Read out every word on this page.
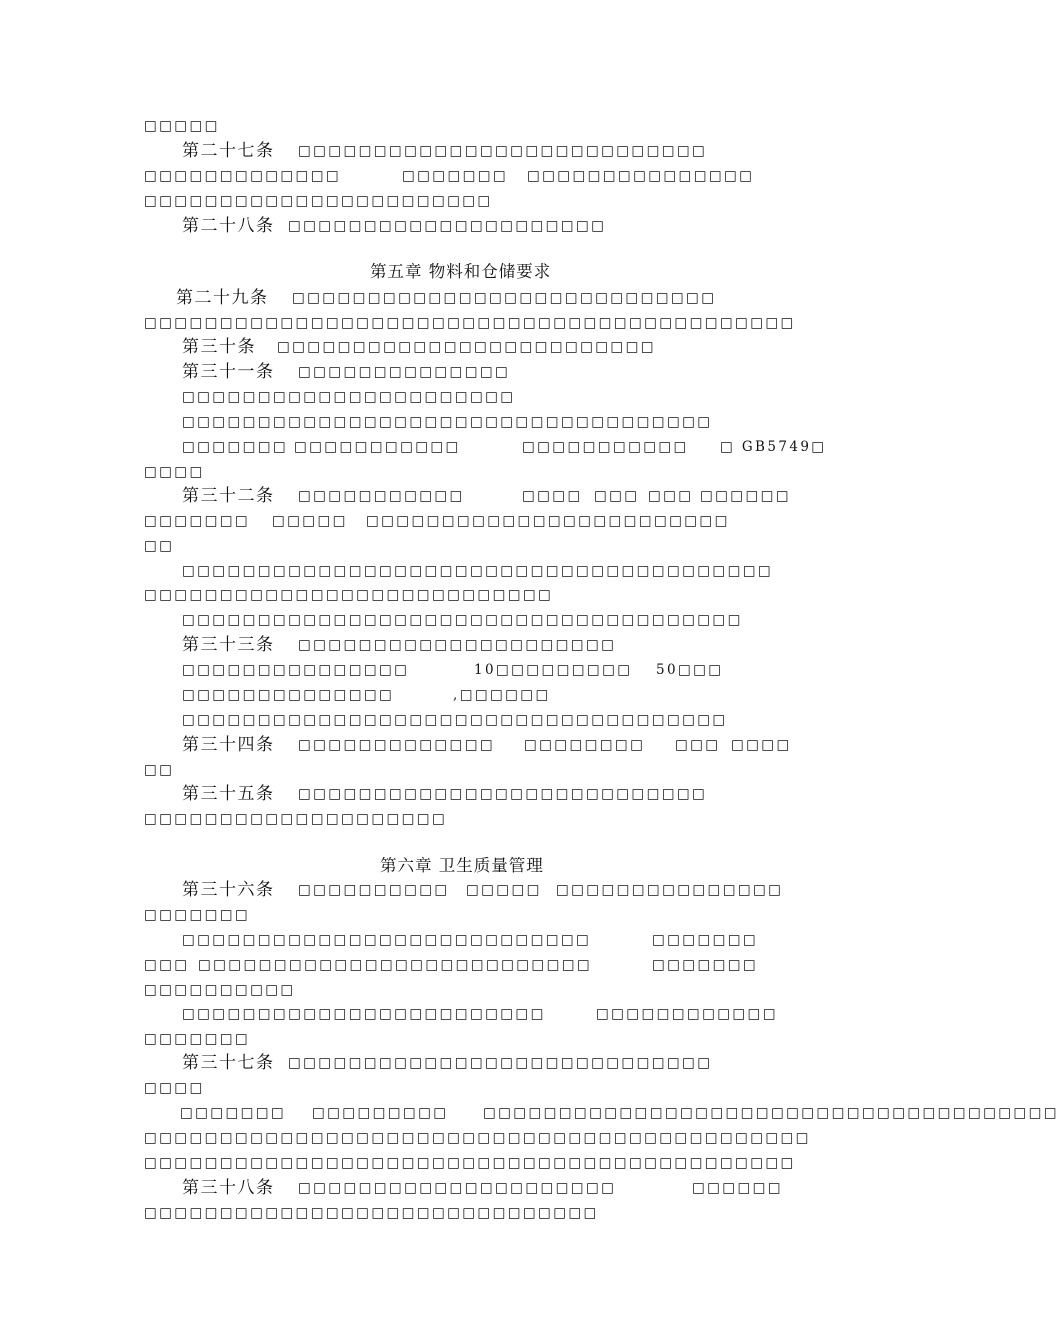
第五章 物料和仓储要求
第六章 卫生质量管理
第二十七条
第二十八条
第二十九条
第三十条
第三十一条
第三十二条
第三十三条
第三十四条
第三十五条
第三十六条
第三十七条
第三十八条
□□□□□
□□□□□□□□□□□□□□□□□□□□□□□□□□□
□□□□□□□□□□□□□	□□□□□□□ □□□□□□□□□□□□□□□
□□□□□□□□□□□□□□□□□□□□□□□
□□□□□□□□□□□□□□□□□□□□□
□□□□□□□□□□□□□□□□□□□□□□□□□□□□
□□□□□□□□□□□□□□□□□□□□□□□□□□□□□□□□□□□□□□□□□□□
□□□□□□□□□□□□□□□□□□□□□□□□□
□□□□□□□□□□□□□□
□□□□□□□□□□□□□□□□□□□□□□
□□□□□□□□□□□□□□□□□□□□□□□□□□□□□□□□□□□
□□□□□□□ □□□□□□□□□□□	□□□□□□□□□□□ □ GB5749□
□□□□
□□□□□□□□□□□	□□□□ □□□ □□□ □□□□□□
□□□□□□□ □□□□□ □□□□□□□□□□□□□□□□□□□□□□□□
□□
□□□□□□□□□□□□□□□□□□□□□□□□□□□□□□□□□□□□□□□
□□□□□□□□□□□□□□□□□□□□□□□□□□□
□□□□□□□□□□□□□□□□□□□□□□□□□□□□□□□□□□□□□
□□□□□□□□□□□□□□□□□□□□□
□□□□□□□□□□□□□□□	10□□□□□□□□□ 50□□□
□□□□□□□□□□□□□□	,□□□□□□
□□□□□□□□□□□□□□□□□□□□□□□□□□□□□□□□□□□□
□□□□□□□□□□□□□ □□□□□□□□ □□□ □□□□
□□
□□□□□□□□□□□□□□□□□□□□□□□□□□□
□□□□□□□□□□□□□□□□□□□□
□□□□□□□□□□ □□□□□ □□□□□□□□□□□□□□□
□□□□□□□
□□□□□□□□□□□□□□□□□□□□□□□□□□□	□□□□□□□
□□□ □□□□□□□□□□□□□□□□□□□□□□□□□□	□□□□□□□
□□□□□□□□□□
□□□□□□□□□□□□□□□□□□□□□□□□	□□□□□□□□□□□□
□□□□□□□
□□□□□□□□□□□□□□□□□□□□□□□□□□□□
□□□□
□□□□□□□ □□□□□□□□□	□□□□□□□□□□□□□□□□□□□□□□□□□□□□□□□□□□□□□□
□□□□□□□□□□□□□□□□□□□□□□□□□□□□□□□□□□□□□□□□□□□□
□□□□□□□□□□□□□□□□□□□□□□□□□□□□□□□□□□□□□□□□□□□
□□□□□□□□□□□□□□□□□□□□□	□□□□□□
□□□□□□□□□□□□□□□□□□□□□□□□□□□□□□
